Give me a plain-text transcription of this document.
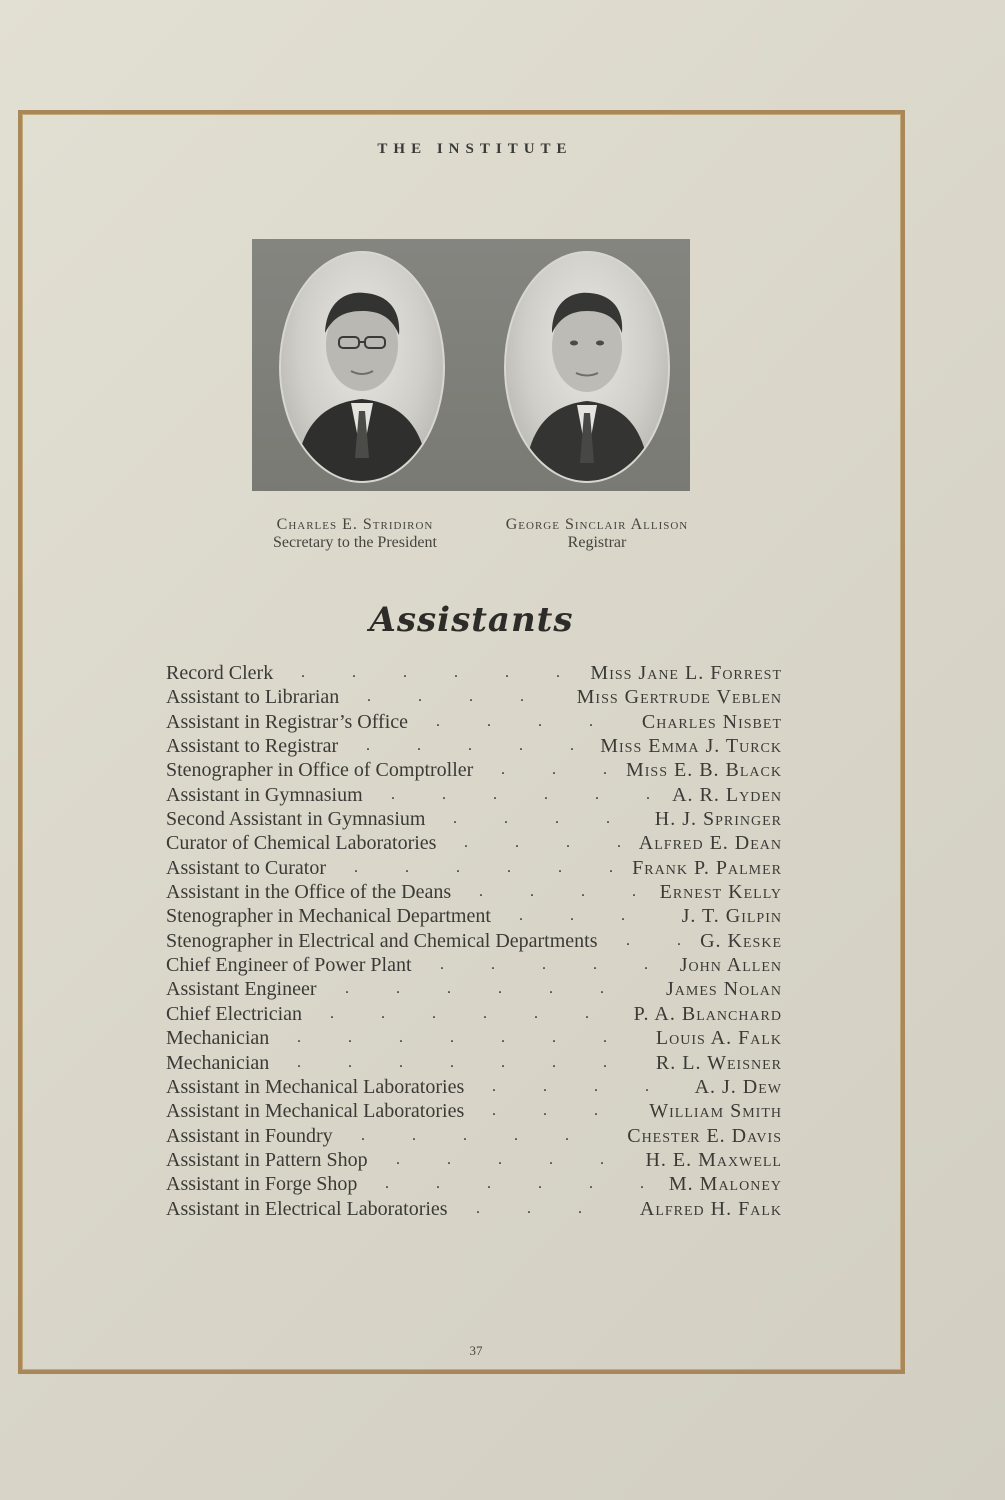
THE INSTITUTE
Charles E. Stridiron
Secretary to the President
George Sinclair Allison
Registrar
Assistants
Record Clerk	Miss Jane L. Forrest
.	.	.	.	.	.
Assistant to Librarian	Miss Gertrude Veblen
.	.	.	.
Assistant in Registrar’s Office	Charles Nisbet
.	.	.	.
Assistant to Registrar	Miss Emma J. Turck
.	.	.	.	.
Stenographer in Office of Comptroller	Miss E. B. Black
.	.	.
Assistant in Gymnasium	A. R. Lyden
.	.	.	.	.	.
Second Assistant in Gymnasium	H. J. Springer
.	.	.	.
Curator of Chemical Laboratories	Alfred E. Dean
.	.	.	.
Assistant to Curator	Frank P. Palmer
.	.	.	.	.	.
Assistant in the Office of the Deans	Ernest Kelly
.	.	.	.
Stenographer in Mechanical Department	J. T. Gilpin
.	.	.
Stenographer in Electrical and Chemical Departments	G. Keske
.	.
Chief Engineer of Power Plant	John Allen
.	.	.	.	.
Assistant Engineer	James Nolan
.	.	.	.	.	.
Chief Electrician	P. A. Blanchard
.	.	.	.	.	.
Mechanician	Louis A. Falk
.	.	.	.	.	.	.
Mechanician	R. L. Weisner
.	.	.	.	.	.	.
Assistant in Mechanical Laboratories	A. J. Dew
.	.	.	.
Assistant in Mechanical Laboratories	William Smith
.	.	.
Assistant in Foundry	Chester E. Davis
.	.	.	.	.
Assistant in Pattern Shop	H. E. Maxwell
.	.	.	.	.
Assistant in Forge Shop	M. Maloney
.	.	.	.	.	.
Assistant in Electrical Laboratories	Alfred H. Falk
.	.	.
37
